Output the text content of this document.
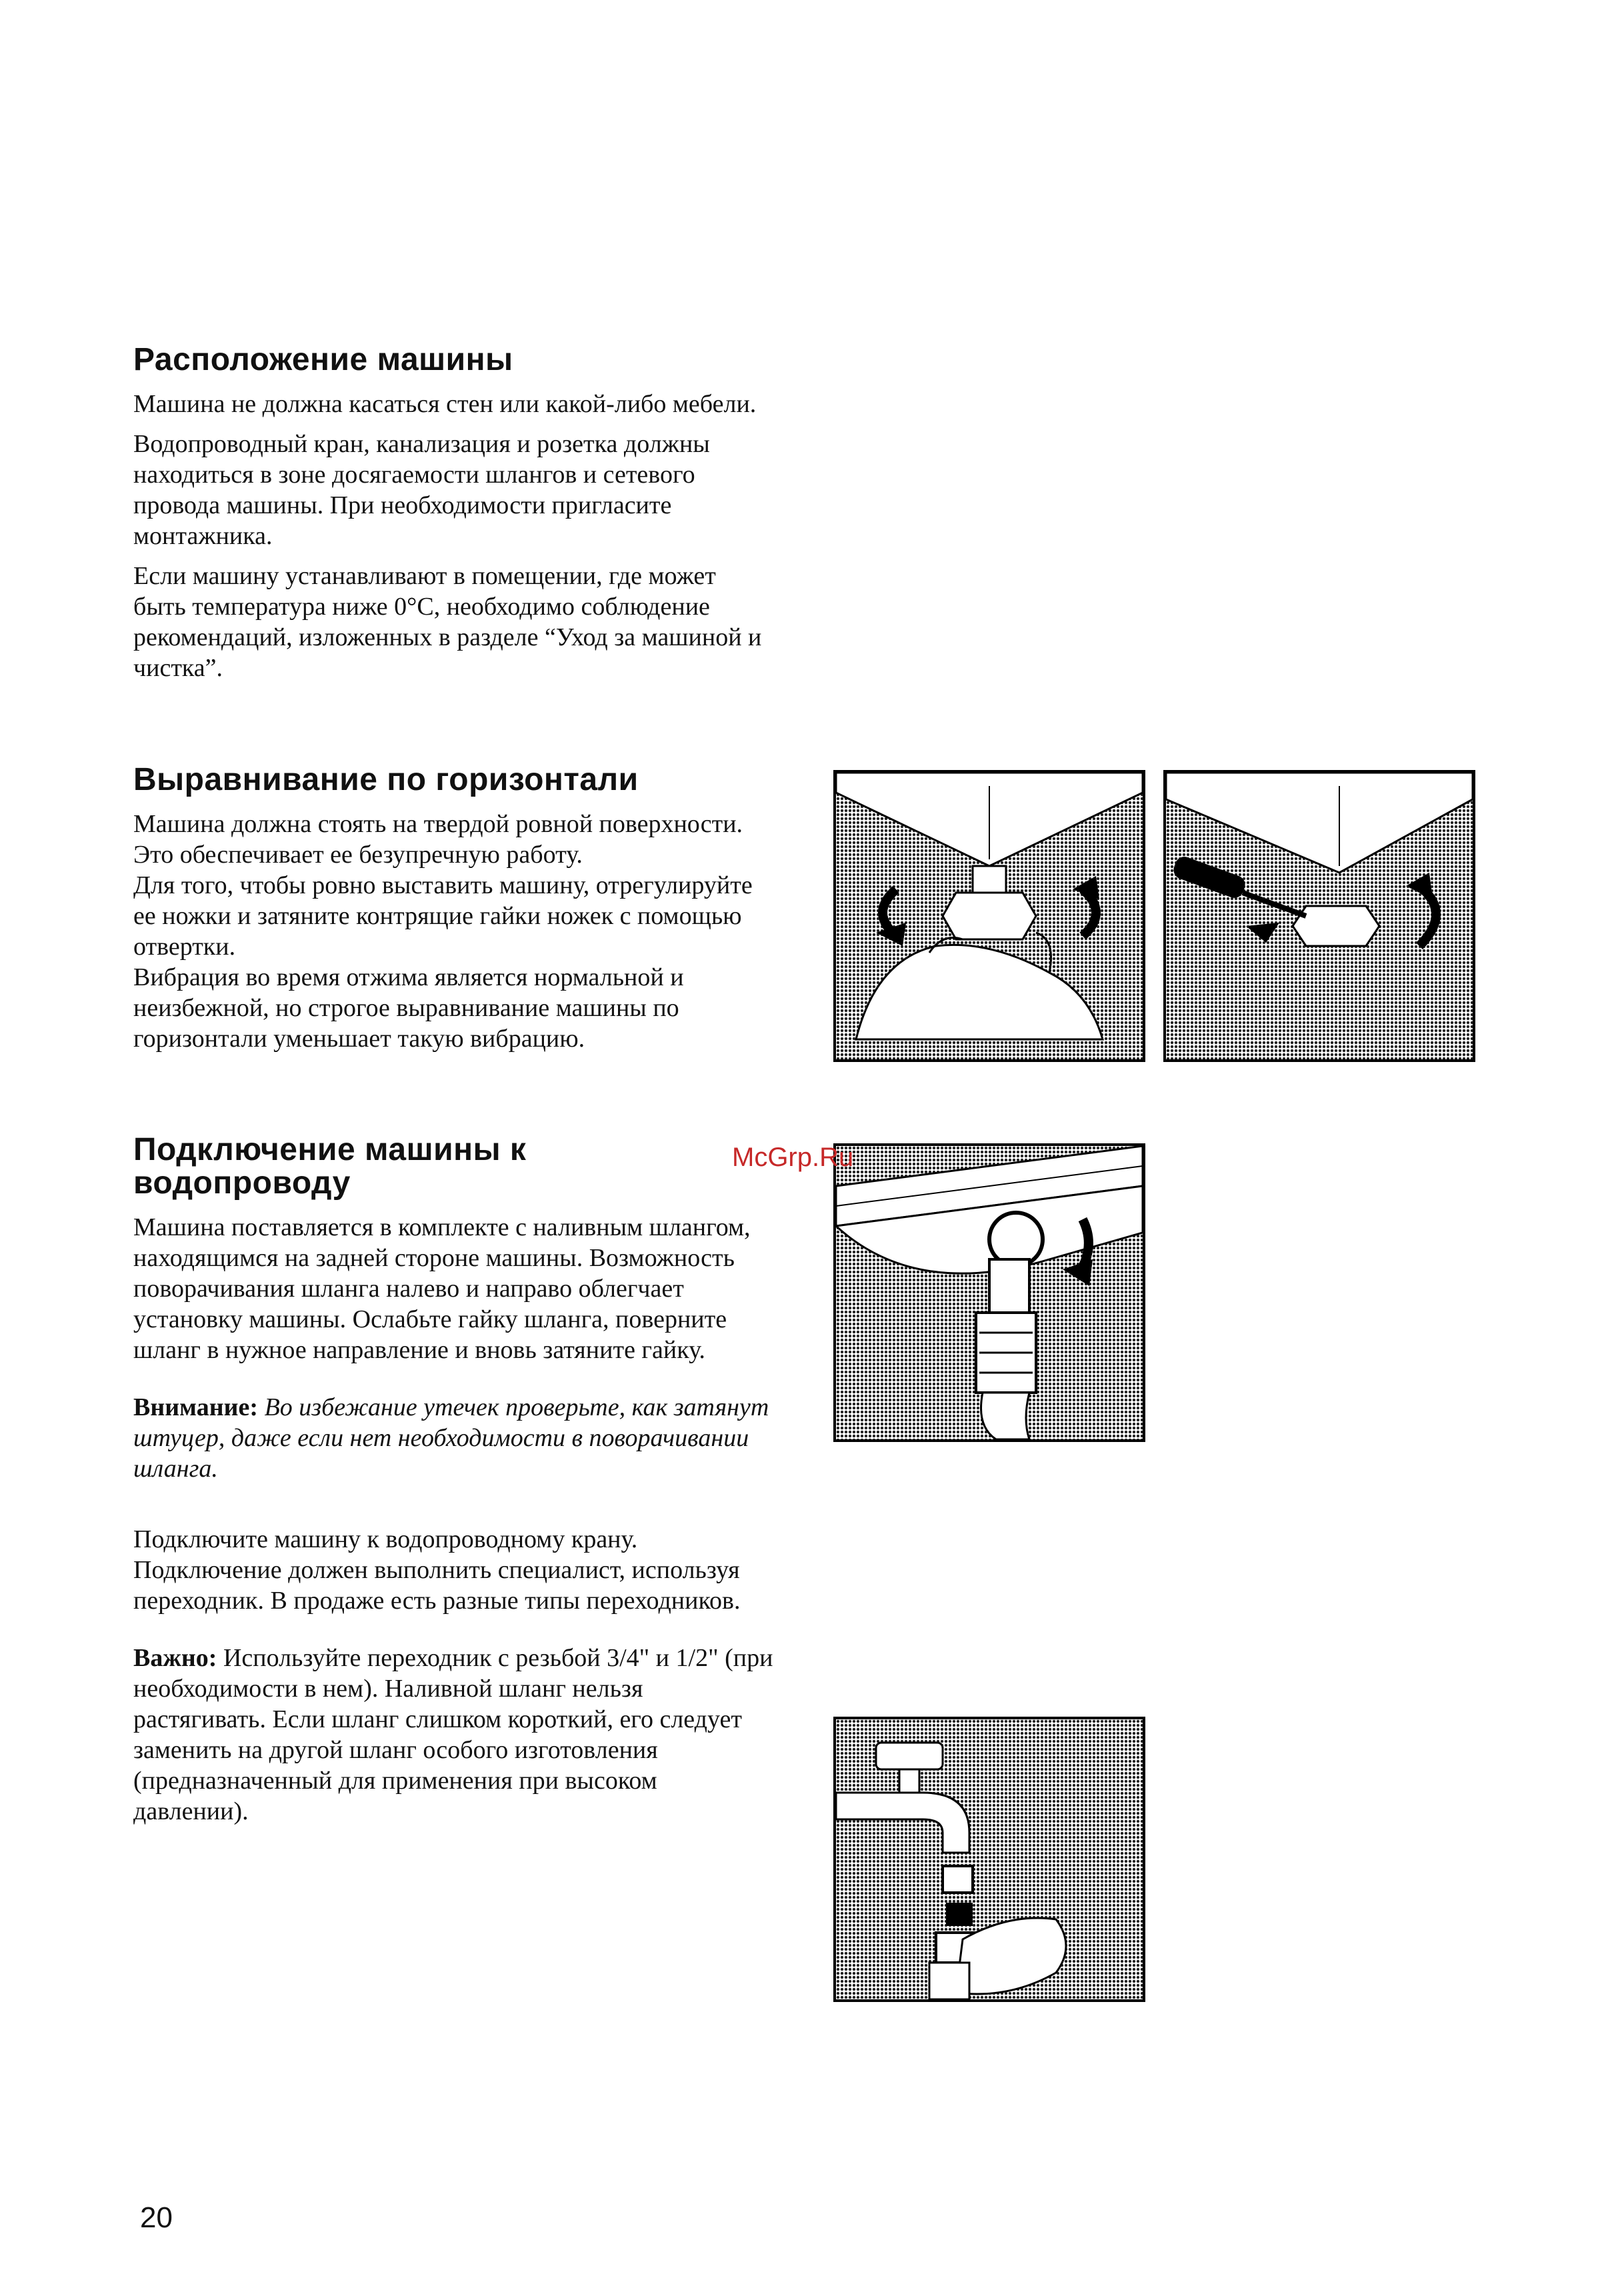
Расположение машины

Машина не должна касаться стен или какой-либо мебели.

Водопроводный кран, канализация и розетка должны находиться в зоне досягаемости шлангов и сетевого провода машины. При необходимости пригласите монтажника.

Если машину устанавливают в помещении, где может быть температура ниже 0°С, необходимо соблюдение рекомендаций, изложенных в разделе “Уход за машиной и чистка”.

Выравнивание по горизонтали

Машина должна стоять на твердой ровной поверхности. Это обеспечивает ее безупречную работу.

Для того, чтобы ровно выставить машину, отрегулируйте ее ножки и затяните контрящие гайки ножек с помощью отвертки.

Вибрация во время отжима является нормальной и неизбежной, но строгое выравнивание машины по горизонтали уменьшает такую вибрацию.

Подключение машины к водопроводу

Машина поставляется в комплекте с наливным шлангом, находящимся на задней стороне машины. Возможность поворачивания шланга налево и направо облегчает установку машины. Ослабьте гайку шланга, поверните шланг в нужное направление и вновь затяните гайку.

Внимание: Во избежание утечек проверьте, как затянут штуцер, даже если нет необходимости в поворачивании шланга.

Подключите машину к водопроводному крану. Подключение должен выполнить специалист, используя переходник. В продаже есть разные типы переходников.

Важно: Используйте переходник с резьбой 3/4" и 1/2" (при необходимости в нем). Наливной шланг нельзя растягивать. Если шланг слишком короткий, его следует заменить на другой шланг особого изготовления (предназначенный для применения при высоком давлении).

McGrp.Ru
20
